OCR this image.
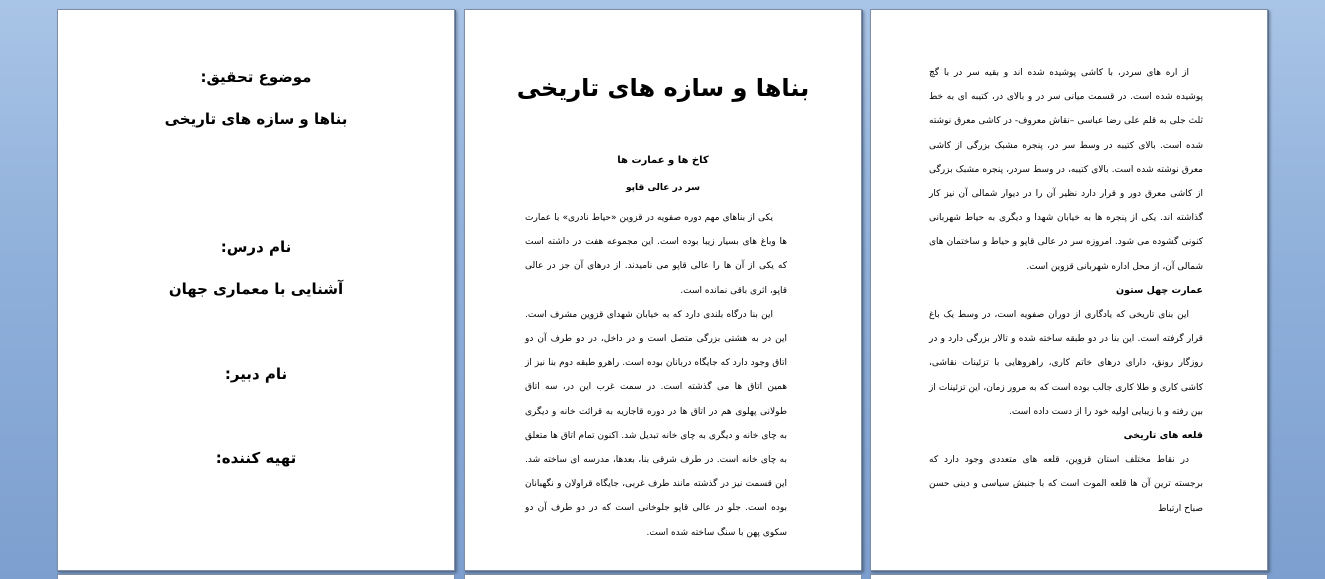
موضوع تحقیق:
بناها و سازه های تاریخی
نام درس:
آشنایی با معماری جهان
نام دبیر:
تهیه کننده:
بناها و سازه های تاریخی
کاخ ها و عمارت ها
سر در عالی قاپو

یکی از بناهای مهم دوره صفویه در قزوین «حیاط نادری» با عمارت ها وباغ های بسیار زیبا بوده است. این مجموعه هفت در داشته است که یکی از آن ها را عالی قاپو می نامیدند. از درهای آن جز در عالی قاپو، اثری باقی نمانده است.

این بنا درگاه بلندی دارد که به خیابان شهدای قزوین مشرف است. این در به هشتی بزرگی متصل است و در داخل، در دو طرف آن دو اتاق وجود دارد که جایگاه دربانان بوده است. راهرو طبقه دوم بنا نیز از همین اتاق ها می گذشته است. در سمت غرب این در، سه اتاق طولانی پهلوی هم در اتاق ها در دوره قاجاریه به قرائت خانه و دیگری به چای خانه و دیگری به چای خانه تبدیل شد. اکنون تمام اتاق ها متعلق به چای خانه است. در طرف شرقی بنا، بعدها، مدرسه ای ساخته شد. این قسمت نیز در گذشته مانند طرف غربی، جایگاه قراولان و نگهبانان بوده است. جلو در عالی قاپو جلوخانی است که در دو طرف آن دو سکوی پهن با سنگ ساخته شده است.

از اره های سردر، با کاشی پوشیده شده اند و بقیه سر در با گچ پوشیده شده است. در قسمت میانی سر در و بالای در، کتیبه ای به خط ثلث جلی به قلم علی رضا عباسی –نقاش معروف- در کاشی معرق نوشته شده است. بالای کتیبه در وسط سر در، پنجره مشبک بزرگی از کاشی معرق نوشته شده است. بالای کتیبه، در وسط سردر، پنجره مشبک بزرگی از کاشی معرق دور و قرار دارد نظیر آن را در دیوار شمالی آن نیز کار گذاشته اند. یکی از پنجره ها به خیابان شهدا و دیگری به حیاط شهربانی کنونی گشوده می شود. امروزه سر در عالی قاپو و حیاط و ساختمان های شمالی آن، از محل اداره شهربانی قزوین است.

عمارت چهل ستون

این بنای تاریخی که یادگاری از دوران صفویه است، در وسط یک باغ قرار گرفته است. این بنا در دو طبقه ساخته شده و تالار بزرگی دارد و در روزگار رونق، دارای درهای خاتم کاری، راهروهایی با تزئینات نقاشی، کاشی کاری و طلا کاری جالب بوده است که به مرور زمان، این تزئینات از بین رفته و با زیبایی اولیه خود را از دست داده است.

قلعه های تاریخی

در نقاط مختلف استان قزوین، قلعه های متعددی وجود دارد که برجسته ترین آن ها قلعه الموت است که با جنبش سیاسی و دینی حسن صباح ارتباط
